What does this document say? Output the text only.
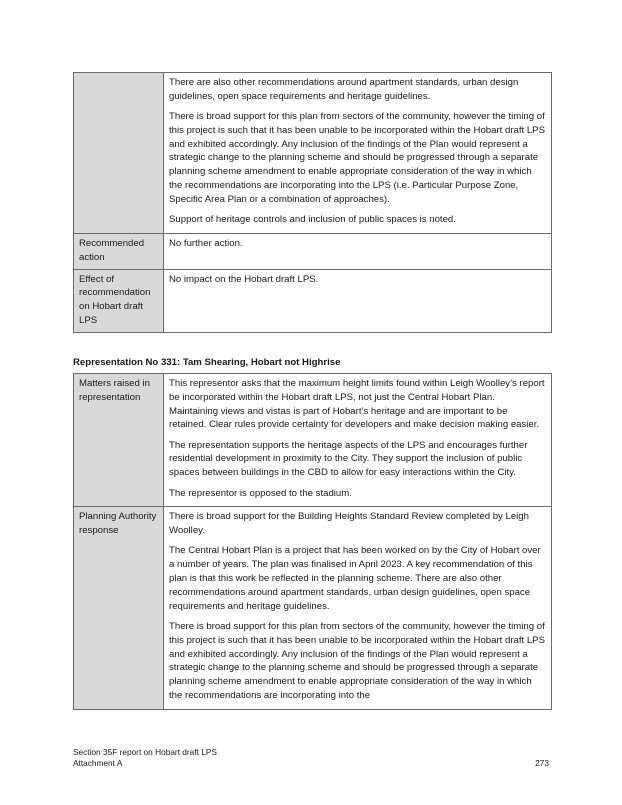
	There are also other recommendations around apartment standards, urban design guidelines, open space requirements and heritage guidelines.

There is broad support for this plan from sectors of the community, however the timing of this project is such that it has been unable to be incorporated within the Hobart draft LPS and exhibited accordingly. Any inclusion of the findings of the Plan would represent a strategic change to the planning scheme and should be progressed through a separate planning scheme amendment to enable appropriate consideration of the way in which the recommendations are incorporating into the LPS (i.e. Particular Purpose Zone, Specific Area Plan or a combination of approaches).

Support of heritage controls and inclusion of public spaces is noted.

Recommended action	No further action.

Effect of recommendation on Hobart draft LPS	No impact on the Hobart draft LPS.

Representation No 331: Tam Shearing, Hobart not Highrise
Matters raised in representation	This representor asks that the maximum height limits found within Leigh Woolley’s report be incorporated within the Hobart draft LPS, not just the Central Hobart Plan. Maintaining views and vistas is part of Hobart’s heritage and are important to be retained. Clear rules provide certainty for developers and make decision making easier.

The representation supports the heritage aspects of the LPS and encourages further residential development in proximity to the City. They support the inclusion of public spaces between buildings in the CBD to allow for easy interactions within the City.

The representor is opposed to the stadium.

Planning Authority response	There is broad support for the Building Heights Standard Review completed by Leigh Woolley.

The Central Hobart Plan is a project that has been worked on by the City of Hobart over a number of years. The plan was finalised in April 2023. A key recommendation of this plan is that this work be reflected in the planning scheme. There are also other recommendations around apartment standards, urban design guidelines, open space requirements and heritage guidelines.

There is broad support for this plan from sectors of the community, however the timing of this project is such that it has been unable to be incorporated within the Hobart draft LPS and exhibited accordingly. Any inclusion of the findings of the Plan would represent a strategic change to the planning scheme and should be progressed through a separate planning scheme amendment to enable appropriate consideration of the way in which the recommendations are incorporating into the

Section 35F report on Hobart draft LPS
Attachment A	273
